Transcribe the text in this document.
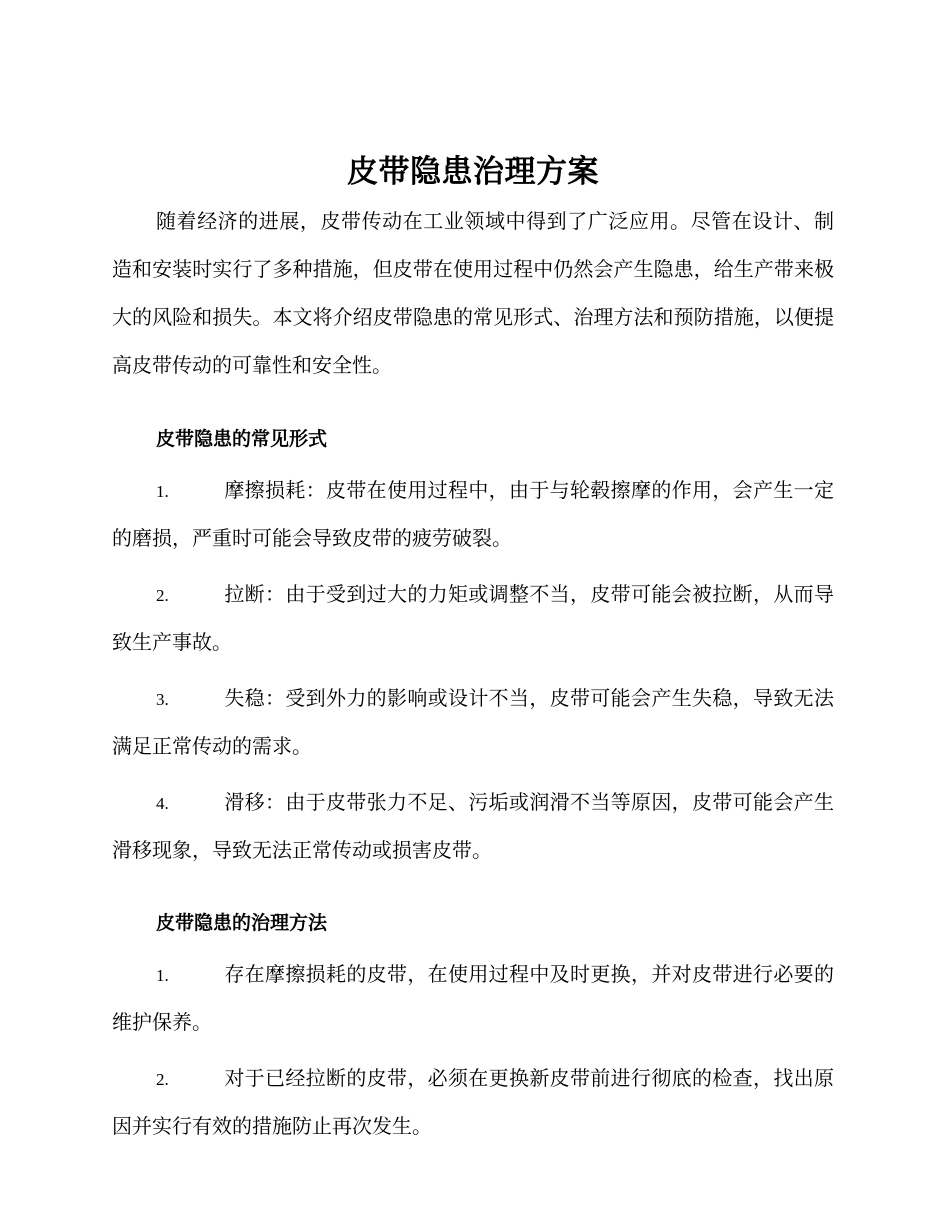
皮带隐患治理方案

随着经济的进展，皮带传动在工业领域中得到了广泛应用。尽管在设计、制造和安装时实行了多种措施，但皮带在使用过程中仍然会产生隐患，给生产带来极大的风险和损失。本文将介绍皮带隐患的常见形式、治理方法和预防措施，以便提高皮带传动的可靠性和安全性。

皮带隐患的常见形式
1.	摩擦损耗：皮带在使用过程中，由于与轮毂擦摩的作用，会产生一定的磨损，严重时可能会导致皮带的疲劳破裂。
2.	拉断：由于受到过大的力矩或调整不当，皮带可能会被拉断，从而导致生产事故。
3.	失稳：受到外力的影响或设计不当，皮带可能会产生失稳，导致无法满足正常传动的需求。
4.	滑移：由于皮带张力不足、污垢或润滑不当等原因，皮带可能会产生滑移现象，导致无法正常传动或损害皮带。
皮带隐患的治理方法
1.	存在摩擦损耗的皮带，在使用过程中及时更换，并对皮带进行必要的维护保养。
2.	对于已经拉断的皮带，必须在更换新皮带前进行彻底的检查，找出原因并实行有效的措施防止再次发生。
